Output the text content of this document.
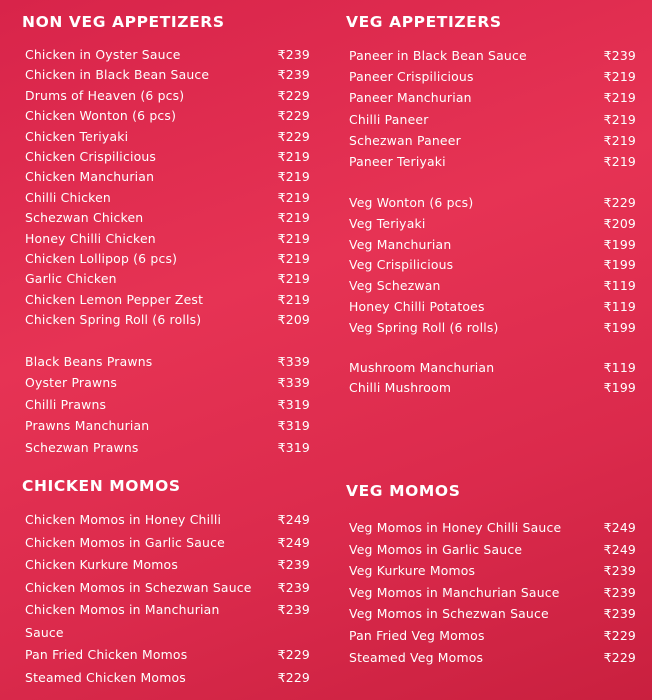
NON VEG APPETIZERS
Chicken in Oyster Sauce	₹239
Chicken in Black Bean Sauce	₹239
Drums of Heaven (6 pcs)	₹229
Chicken Wonton (6 pcs)	₹229
Chicken Teriyaki	₹229
Chicken Crispilicious	₹219
Chicken Manchurian	₹219
Chilli Chicken	₹219
Schezwan Chicken	₹219
Honey Chilli Chicken	₹219
Chicken Lollipop (6 pcs)	₹219
Garlic Chicken	₹219
Chicken Lemon Pepper Zest	₹219
Chicken Spring Roll (6 rolls)	₹209
Black Beans Prawns	₹339
Oyster Prawns	₹339
Chilli Prawns	₹319
Prawns Manchurian	₹319
Schezwan Prawns	₹319
CHICKEN MOMOS
Chicken Momos in Honey Chilli	₹249
Chicken Momos in Garlic Sauce	₹249
Chicken Kurkure Momos	₹239
Chicken Momos in Schezwan Sauce ₹239
Chicken Momos in Manchurian	₹239
Sauce
Pan Fried Chicken Momos	₹229
Steamed Chicken Momos	₹229
VEG APPETIZERS
Paneer in Black Bean Sauce	₹239
Paneer Crispilicious	₹219
Paneer Manchurian	₹219
Chilli Paneer	₹219
Schezwan Paneer	₹219
Paneer Teriyaki	₹219
Veg Wonton (6 pcs)	₹229
Veg Teriyaki	₹209
Veg Manchurian	₹199
Veg Crispilicious	₹199
Veg Schezwan	₹119
Honey Chilli Potatoes	₹119
Veg Spring Roll (6 rolls)	₹199
Mushroom Manchurian	₹119
Chilli Mushroom	₹199
VEG MOMOS
Veg Momos in Honey Chilli Sauce	₹249
Veg Momos in Garlic Sauce	₹249
Veg Kurkure Momos	₹239
Veg Momos in Manchurian Sauce	₹239
Veg Momos in Schezwan Sauce	₹239
Pan Fried Veg Momos	₹229
Steamed Veg Momos	₹229
